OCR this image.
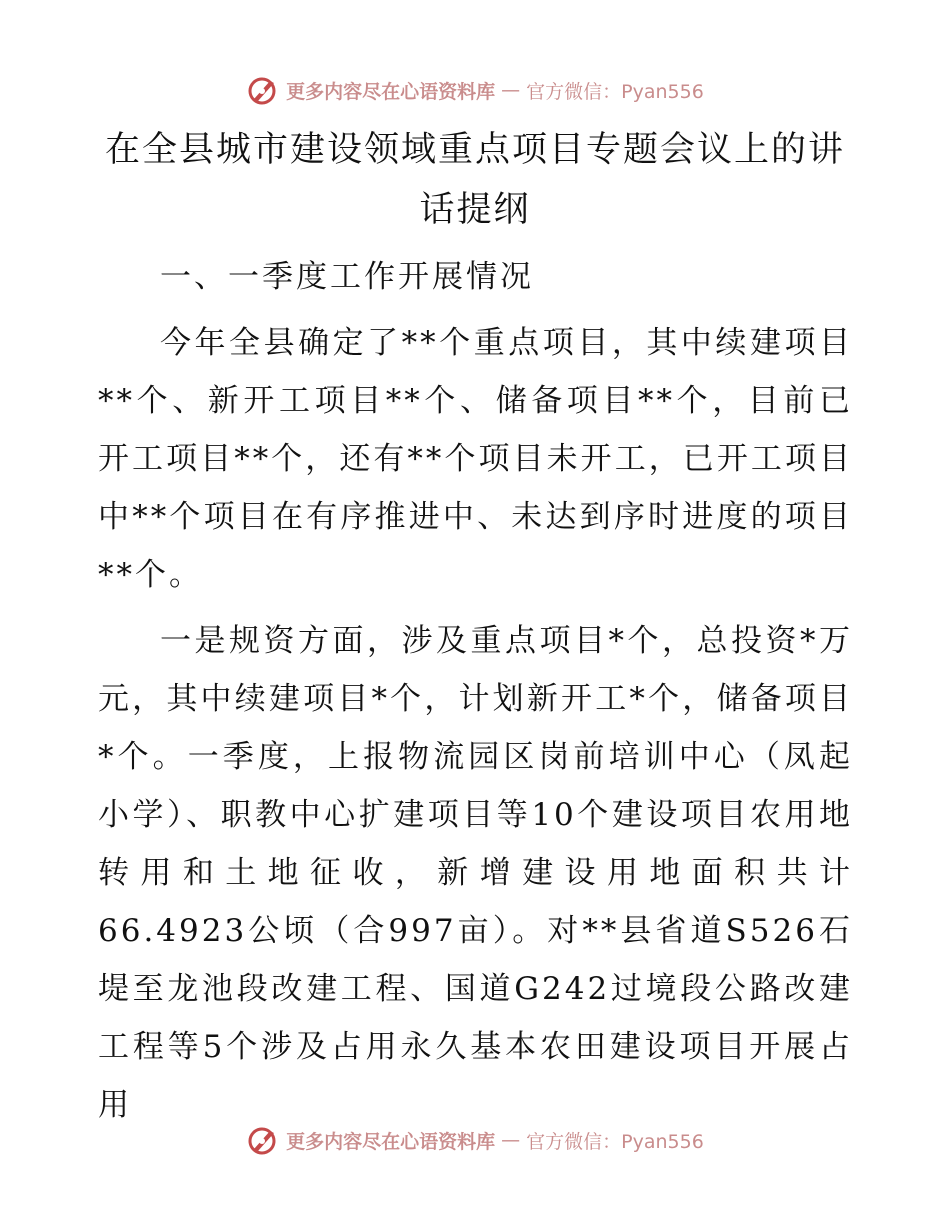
更多内容尽在心语资料库 — 官方微信：Pyan556
在全县城市建设领域重点项目专题会议上的讲话提纲

一、一季度工作开展情况

今年全县确定了**个重点项目，其中续建项目**个、新开工项目**个、储备项目**个，目前已开工项目**个，还有**个项目未开工，已开工项目中**个项目在有序推进中、未达到序时进度的项目**个。

一是规资方面，涉及重点项目*个，总投资*万元，其中续建项目*个，计划新开工*个，储备项目*个。一季度，上报物流园区岗前培训中心（凤起小学）、职教中心扩建项目等10个建设项目农用地转用和土地征收，新增建设用地面积共计66.4923公顷（合997亩）。对**县省道S526石堤至龙池段改建工程、国道G242过境段公路改建工程等5个涉及占用永久基本农田建设项目开展占用

更多内容尽在心语资料库 — 官方微信：Pyan556
